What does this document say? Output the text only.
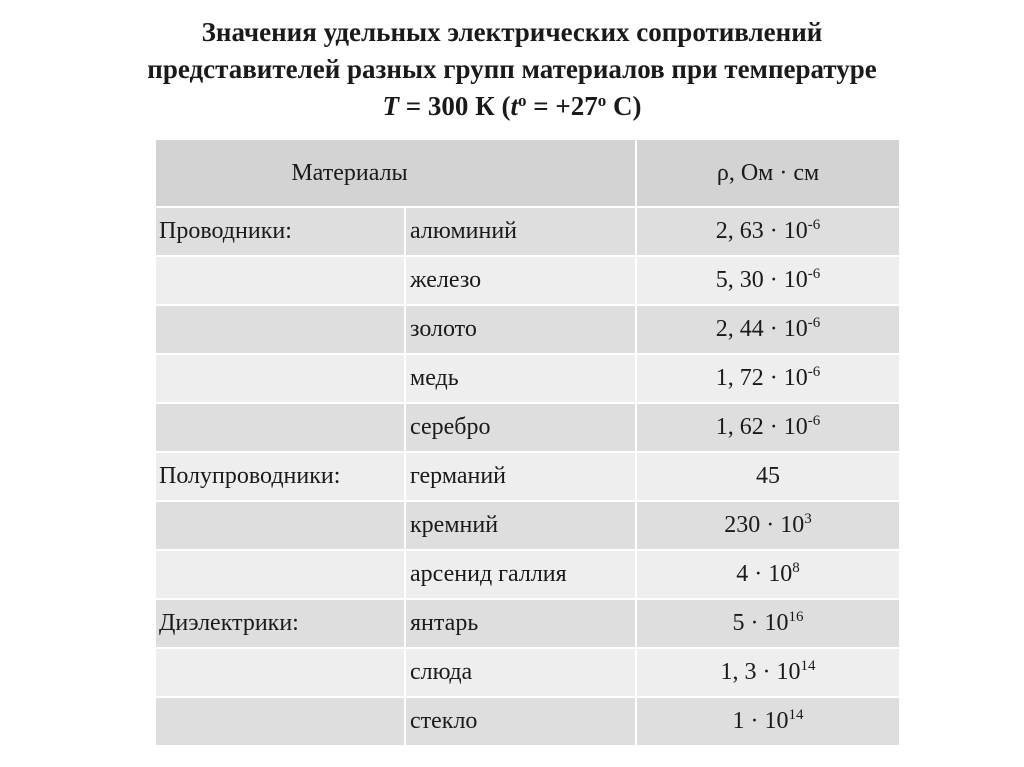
Значения удельных электрических сопротивлений
представителей разных групп материалов при температуре
T = 300 К ($t^o = +27^o$ С)
Материалы		ρ, Ом · см
Проводники:	алюминий	2, $63 \cdot 10^{-6}$
	железо	5, $30 \cdot 10^{-6}$
	золото	2, $44 \cdot 10^{-6}$
	медь	1, $72 \cdot 10^{-6}$
	серебро	1, $62 \cdot 10^{-6}$
Полупроводники:	германий	45
	кремний	$230 \cdot 10^3$
	арсенид галлия	$4 \cdot 10^8$
Диэлектрики:	янтарь	$5 \cdot 10^{16}$
	слюда	1, $3 \cdot 10^{14}$
	стекло	$1 \cdot 10^{14}$
